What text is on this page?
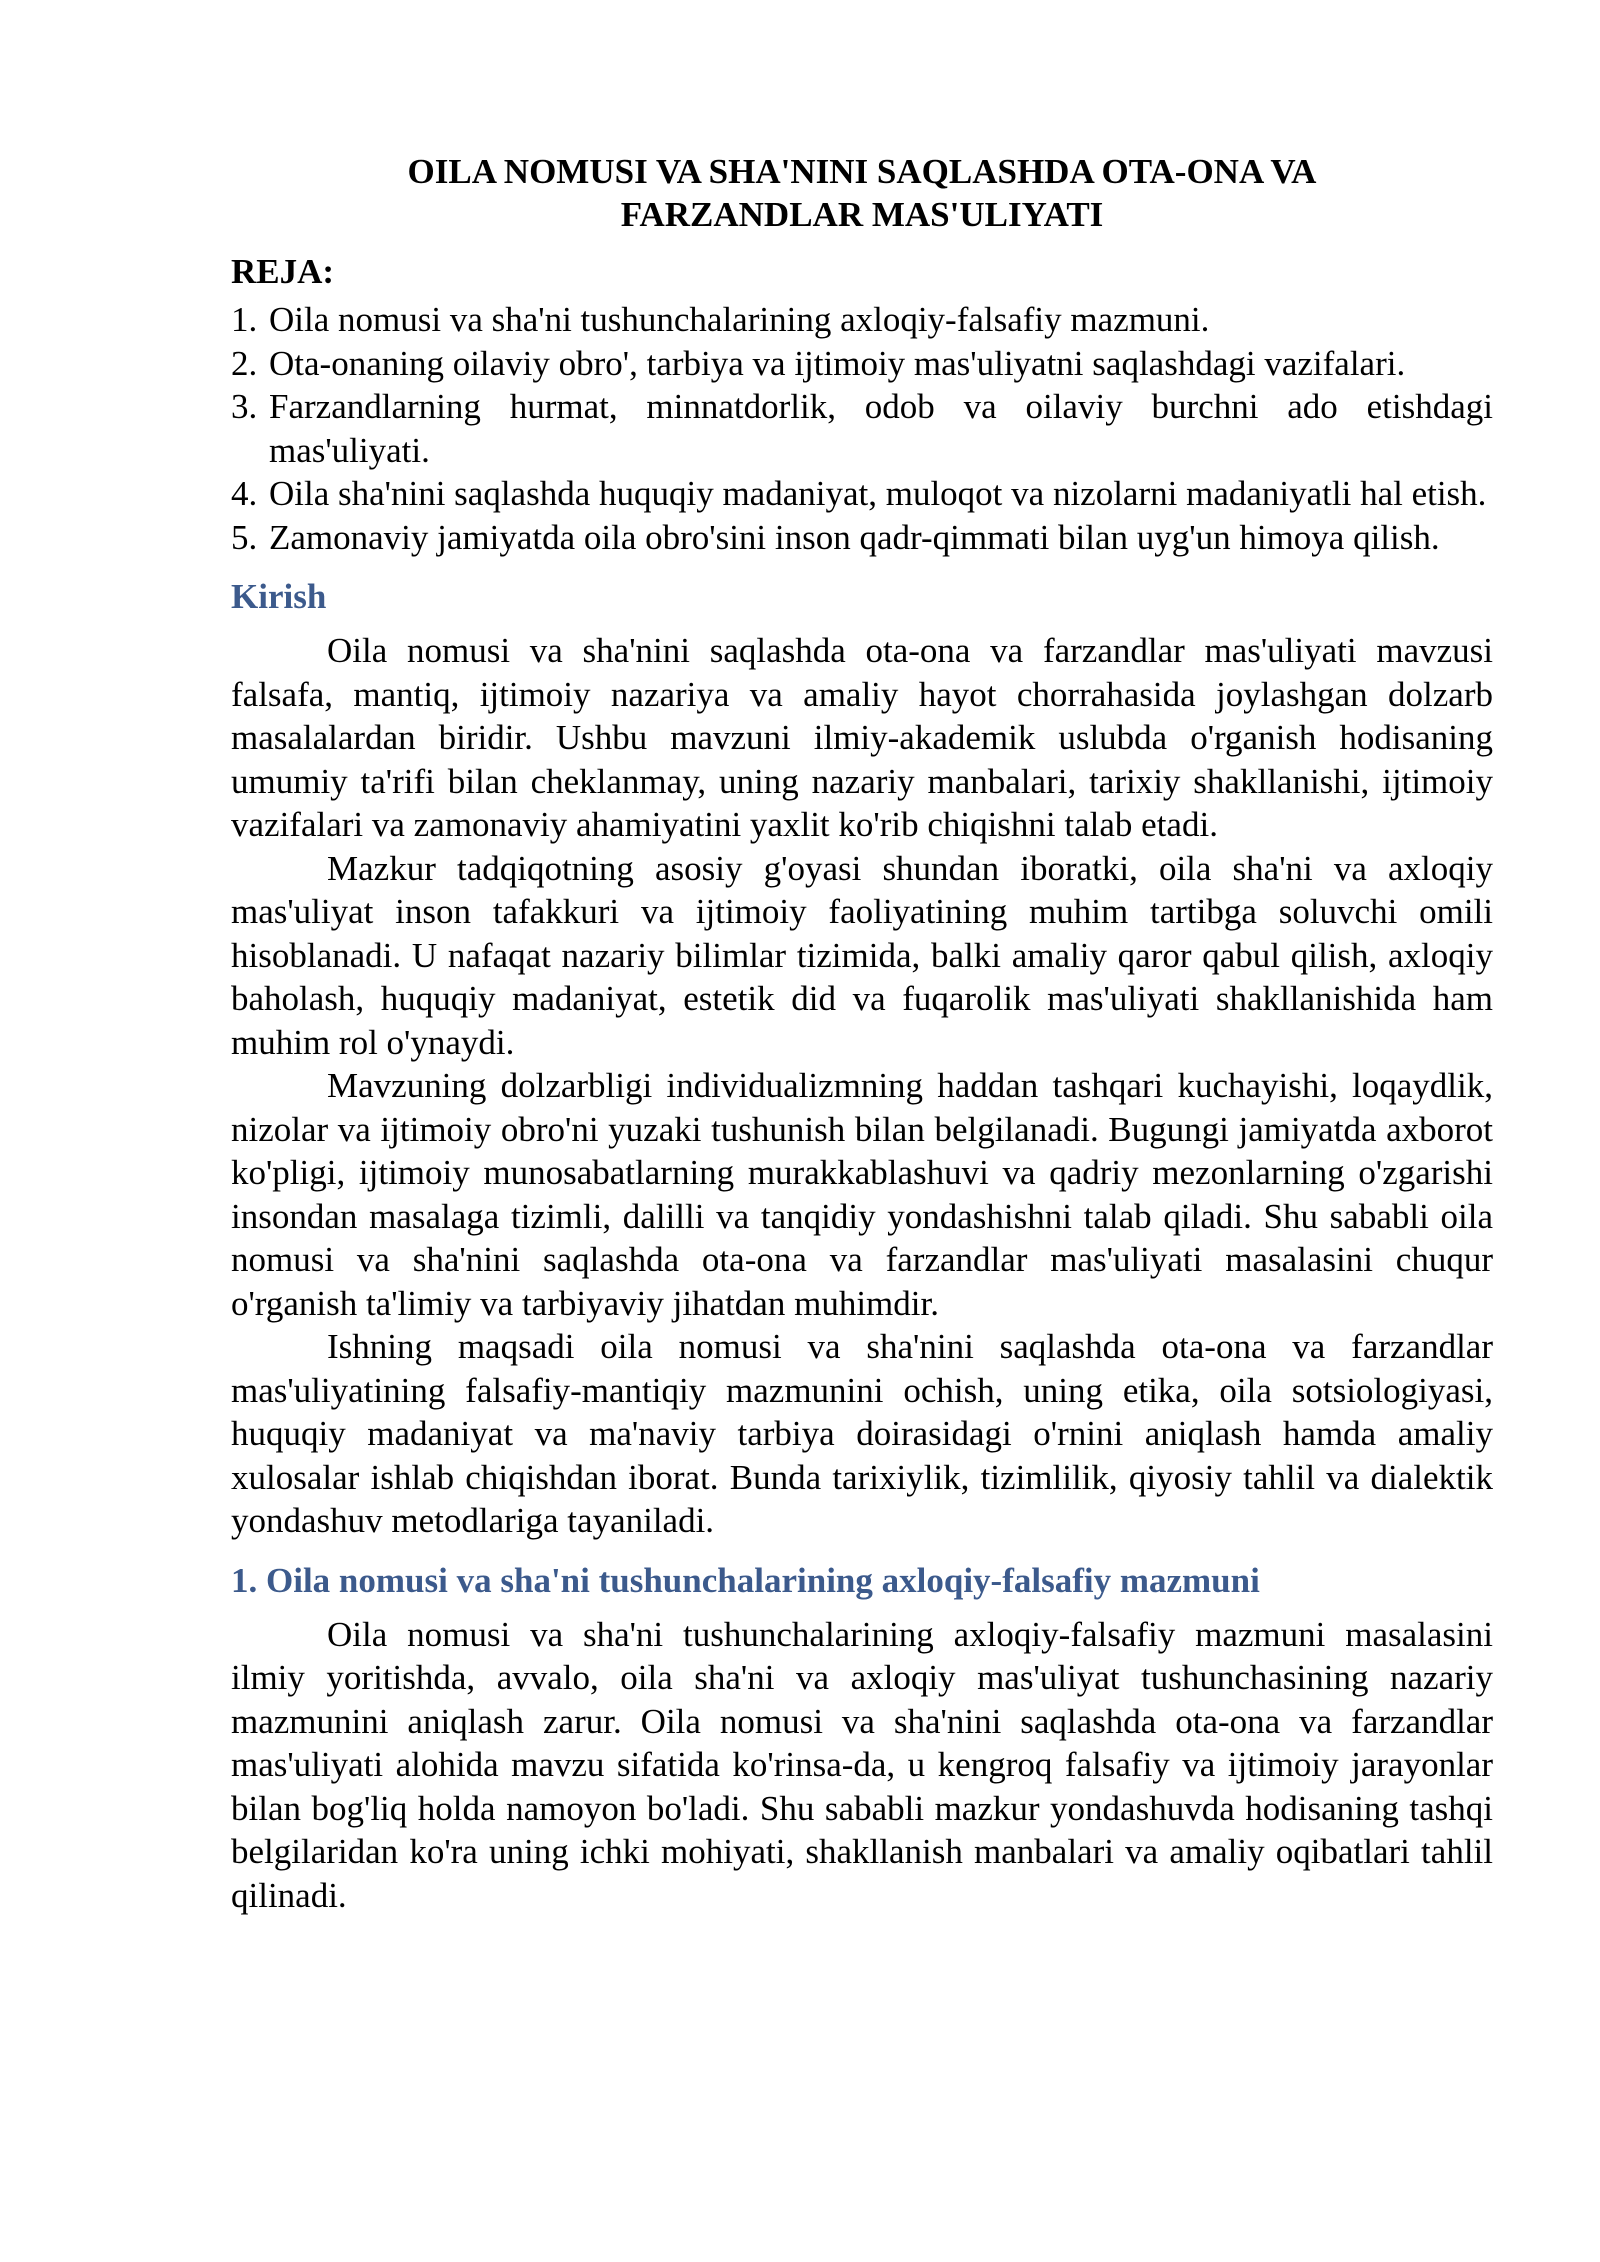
OILA NOMUSI VA SHA'NINI SAQLASHDA OTA-ONA VA
FARZANDLAR MAS'ULIYATI
REJA:
1. Oila nomusi va sha'ni tushunchalarining axloqiy-falsafiy mazmuni.
2. Ota-onaning oilaviy obro', tarbiya va ijtimoiy mas'uliyatni saqlashdagi vazifalari.
3. Farzandlarning hurmat, minnatdorlik, odob va oilaviy burchni ado etishdagi mas'uliyati.
4. Oila sha'nini saqlashda huquqiy madaniyat, muloqot va nizolarni madaniyatli hal etish.
5. Zamonaviy jamiyatda oila obro'sini inson qadr-qimmati bilan uyg'un himoya qilish.
Kirish

Oila nomusi va sha'nini saqlashda ota-ona va farzandlar mas'uliyati mavzusi falsafa, mantiq, ijtimoiy nazariya va amaliy hayot chorrahasida joylashgan dolzarb masalalardan biridir. Ushbu mavzuni ilmiy-akademik uslubda o'rganish hodisaning umumiy ta'rifi bilan cheklanmay, uning nazariy manbalari, tarixiy shakllanishi, ijtimoiy vazifalari va zamonaviy ahamiyatini yaxlit ko'rib chiqishni talab etadi.

Mazkur tadqiqotning asosiy g'oyasi shundan iboratki, oila sha'ni va axloqiy mas'uliyat inson tafakkuri va ijtimoiy faoliyatining muhim tartibga soluvchi omili hisoblanadi. U nafaqat nazariy bilimlar tizimida, balki amaliy qaror qabul qilish, axloqiy baholash, huquqiy madaniyat, estetik did va fuqarolik mas'uliyati shakllanishida ham muhim rol o'ynaydi.

Mavzuning dolzarbligi individualizmning haddan tashqari kuchayishi, loqaydlik, nizolar va ijtimoiy obro'ni yuzaki tushunish bilan belgilanadi. Bugungi jamiyatda axborot ko'pligi, ijtimoiy munosabatlarning murakkablashuvi va qadriy mezonlarning o'zgarishi insondan masalaga tizimli, dalilli va tanqidiy yondashishni talab qiladi. Shu sababli oila nomusi va sha'nini saqlashda ota-ona va farzandlar mas'uliyati masalasini chuqur o'rganish ta'limiy va tarbiyaviy jihatdan muhimdir.

Ishning maqsadi oila nomusi va sha'nini saqlashda ota-ona va farzandlar mas'uliyatining falsafiy-mantiqiy mazmunini ochish, uning etika, oila sotsiologiyasi, huquqiy madaniyat va ma'naviy tarbiya doirasidagi o'rnini aniqlash hamda amaliy xulosalar ishlab chiqishdan iborat. Bunda tarixiylik, tizimlilik, qiyosiy tahlil va dialektik yondashuv metodlariga tayaniladi.

1. Oila nomusi va sha'ni tushunchalarining axloqiy-falsafiy mazmuni

Oila nomusi va sha'ni tushunchalarining axloqiy-falsafiy mazmuni masalasini ilmiy yoritishda, avvalo, oila sha'ni va axloqiy mas'uliyat tushunchasining nazariy mazmunini aniqlash zarur. Oila nomusi va sha'nini saqlashda ota-ona va farzandlar mas'uliyati alohida mavzu sifatida ko'rinsa-da, u kengroq falsafiy va ijtimoiy jarayonlar bilan bog'liq holda namoyon bo'ladi. Shu sababli mazkur yondashuvda hodisaning tashqi belgilaridan ko'ra uning ichki mohiyati, shakllanish manbalari va amaliy oqibatlari tahlil qilinadi.
